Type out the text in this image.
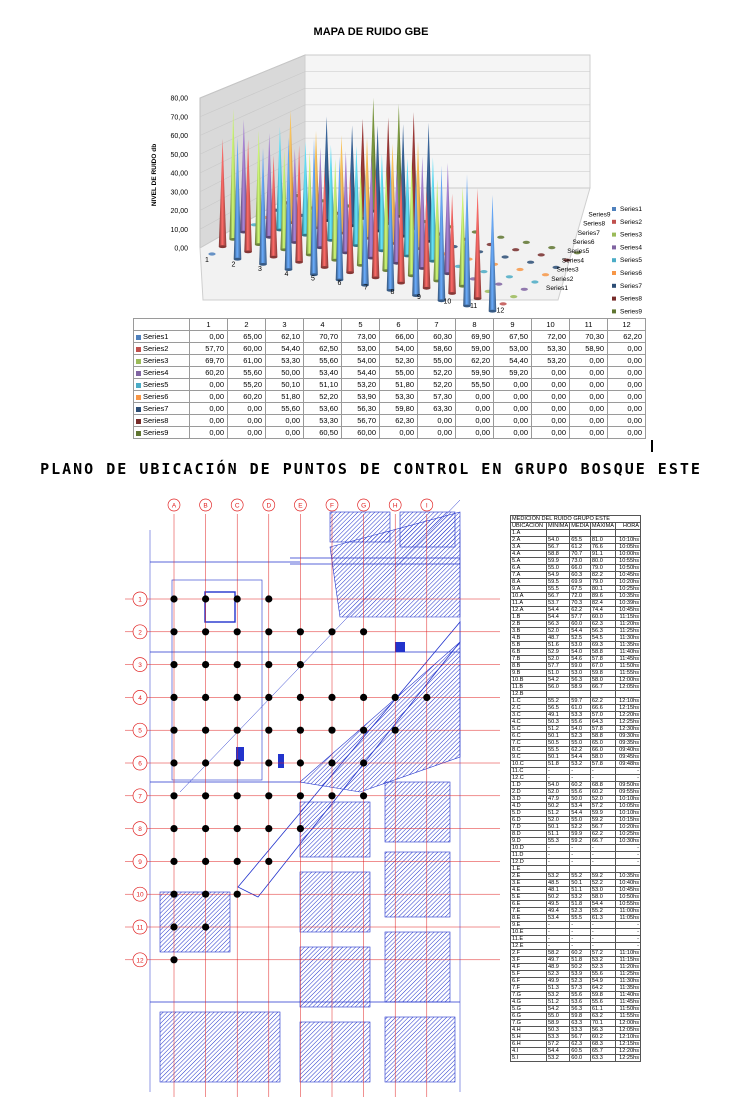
MAPA DE RUIDO GBE
0,00
10,00
20,00
30,00
40,00
50,00
60,00
70,00
80,00
NIVEL DE RUIDO db
1
2
3
4
5
6
7
8
9
10
11
12
Series1
Series2
Series3
Series4
Series5
Series6
Series7
Series8
Series9
Series1
Series2
Series3
Series4
Series5
Series6
Series7
Series8
Series9
	1	2	3	4	5	6	7	8	9	10	11	12
Series1	0,00	65,00	62,10	70,70	73,00	66,00	60,30	69,90	67,50	72,00	70,30	62,20
Series2	57,70	60,00	54,40	62,50	53,00	54,00	58,60	59,00	53,00	53,30	58,90	0,00
Series3	69,70	61,00	53,30	55,60	54,00	52,30	55,00	62,20	54,40	53,20	0,00	0,00
Series4	60,20	55,60	50,00	53,40	54,40	55,00	52,20	59,90	59,20	0,00	0,00	0,00
Series5	0,00	55,20	50,10	51,10	53,20	51,80	52,20	55,50	0,00	0,00	0,00	0,00
Series6	0,00	60,20	51,80	52,20	53,90	53,30	57,30	0,00	0,00	0,00	0,00	0,00
Series7	0,00	0,00	55,60	53,60	56,30	59,80	63,30	0,00	0,00	0,00	0,00	0,00
Series8	0,00	0,00	0,00	53,30	56,70	62,30	0,00	0,00	0,00	0,00	0,00	0,00
Series9	0,00	0,00	0,00	60,50	60,00	0,00	0,00	0,00	0,00	0,00	0,00	0,00
PLANO DE UBICACIÓN DE PUNTOS DE CONTROL EN GRUPO BOSQUE ESTE
A	B	C	D	E	F	G	H	I
1
2
3
4
5
6
7
8
9
10
11
12
MEDICIÓN DEL RUIDO GRUPO ESTE				
UBICACIÓN	MÍNIMA	MEDIA	MÁXIMA	HORA
1.A				
2.A	54.0	65.5	81.0	10:10hs
3.A	56.7	61.2	76.6	10:05hs
4.A	58.8	70.7	91.1	10:00hs
5.A	59.9	73.0	80.0	10:55hs
6.A	55.0	66.0	79.0	10:50hs
7.A	54.9	60.3	82.2	10:45hs
8.A	59.5	69.9	79.0	10:20hs
9.A	55.5	67.5	80.1	10:25hs
10.A	56.7	72.0	89.6	10:35hs
11.A	53.7	70.3	82.4	10:39hs
12.A	54.4	62.2	74.4	10:45hs
1.B	54.4	57.7	60.0	11:15hs
2.B	56.3	60.0	62.3	11:20hs
3.B	52.0	54.4	56.3	11:25hs
4.B	48.7	52.5	54.5	11:30hs
5.B	51.6	53.0	69.3	11:35hs
6.B	52.9	54.0	58.8	11:40hs
7.B	52.0	54.6	57.8	11:45hs
8.B	57.7	59.0	67.0	11:50hs
9.B	51.0	53.0	59.8	11:55hs
10.B	54.2	56.3	58.0	12:00hs
11.B	56.0	58.9	66.7	12:05hs
12.B				
1.C	55.2	59.7	62.2	12:10hs
2.C	56.5	61.0	66.6	12:15hs
3.C	49.1	53.3	57.0	12:20hs
4.C	50.3	55.6	64.3	12:25hs
5.C	51.2	54.0	57.8	12:30hs
6.C	50.1	52.3	58.8	09:30hs
7.C	50.5	55.0	65.0	09:35hs
8.C	55.5	62.2	66.0	09:40hs
9.C	50.1	54.4	58.0	09:45hs
10.C	51.8	53.2	57.8	09:48hs
11.C	-	-	-	-
12.C	-	-	-	-
1.D	54.0	60.2	68.8	09:50hs
2.D	52.0	55.6	60.2	09:55hs
3.D	47.9	50.0	52.0	10:10hs
4.D	50.2	53.4	57.2	10:05hs
5.D	51.2	54.4	59.9	10:10hs
6.D	52.0	55.0	59.2	10:15hs
7.D	50.1	52.2	56.7	10:20hs
8.D	51.1	59.9	62.2	10:25hs
9.D	55.3	59.2	66.7	10:30hs
10.D	-	-	-	-
11.D	-	-	-	-
12.D	-	-	-	-
1.E				
2.E	53.2	55.2	59.2	10:35hs
3.E	48.5	50.1	52.2	10:40hs
4.E	48.1	51.1	53.0	10:45hs
5.E	50.2	53.2	58.0	10:50hs
6.E	49.5	51.8	54.4	10:55hs
7.E	49.4	52.3	55.2	11:00hs
8.E	53.4	55.5	61.3	11:05hs
9.E	-	-	-	-
10.E	-	-	-	-
11.E	-	-	-	-
12.E	-	-	-	-
2.F	58.2	60.2	57.2	11:10hs
3.F	49.7	51.8	53.2	11:15hs
4.F	48.9	50.2	52.3	11:20hs
5.F	52.3	53.9	55.6	11:25hs
6.F	49.9	52.3	54.9	11:30hs
7.F	51.3	57.3	64.2	11:35hs
7.G	53.2	55.6	59.8	11:40hs
4.G	51.2	53.6	55.6	11:45hs
5.G	54.2	56.3	61.1	11:50hs
6.G	55.0	59.8	63.2	11:55hs
7.G	58.9	63.3	70.1	12:00hs
4.H	50.3	53.3	56.3	12:05hs
5.H	53.3	56.7	60.2	12:10hs
6.H	57.2	62.3	68.3	12:15hs
4.I	54.4	60.5	65.7	12:20hs
5.I	53.2	60.0	63.3	12:25hs
